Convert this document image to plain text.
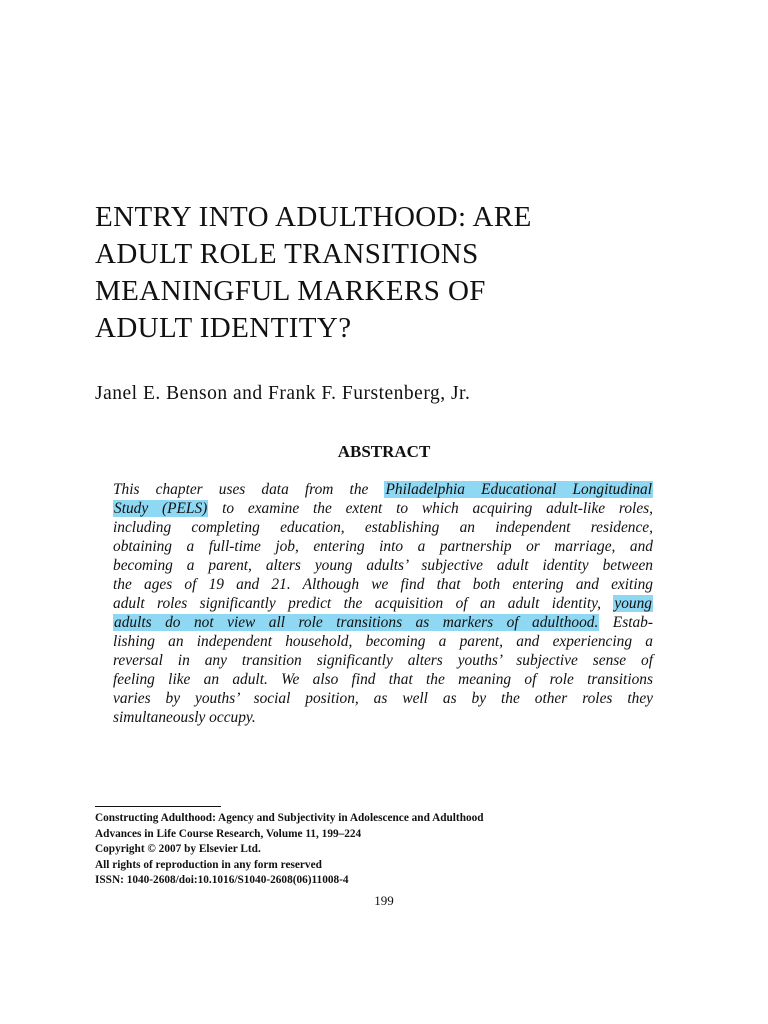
ENTRY INTO ADULTHOOD: ARE
ADULT ROLE TRANSITIONS
MEANINGFUL MARKERS OF
ADULT IDENTITY?
Janel E. Benson and Frank F. Furstenberg, Jr.
ABSTRACT
This chapter uses data from the Philadelphia Educational Longitudinal
Study (PELS) to examine the extent to which acquiring adult-like roles,
including completing education, establishing an independent residence,
obtaining a full-time job, entering into a partnership or marriage, and
becoming a parent, alters young adults’ subjective adult identity between
the ages of 19 and 21. Although we find that both entering and exiting
adult roles significantly predict the acquisition of an adult identity, young
adults do not view all role transitions as markers of adulthood. Estab-
lishing an independent household, becoming a parent, and experiencing a
reversal in any transition significantly alters youths’ subjective sense of
feeling like an adult. We also find that the meaning of role transitions
varies by youths’ social position, as well as by the other roles they
simultaneously occupy.
Constructing Adulthood: Agency and Subjectivity in Adolescence and Adulthood
Advances in Life Course Research, Volume 11, 199–224
Copyright © 2007 by Elsevier Ltd.
All rights of reproduction in any form reserved
ISSN: 1040-2608/doi:10.1016/S1040-2608(06)11008-4
199
